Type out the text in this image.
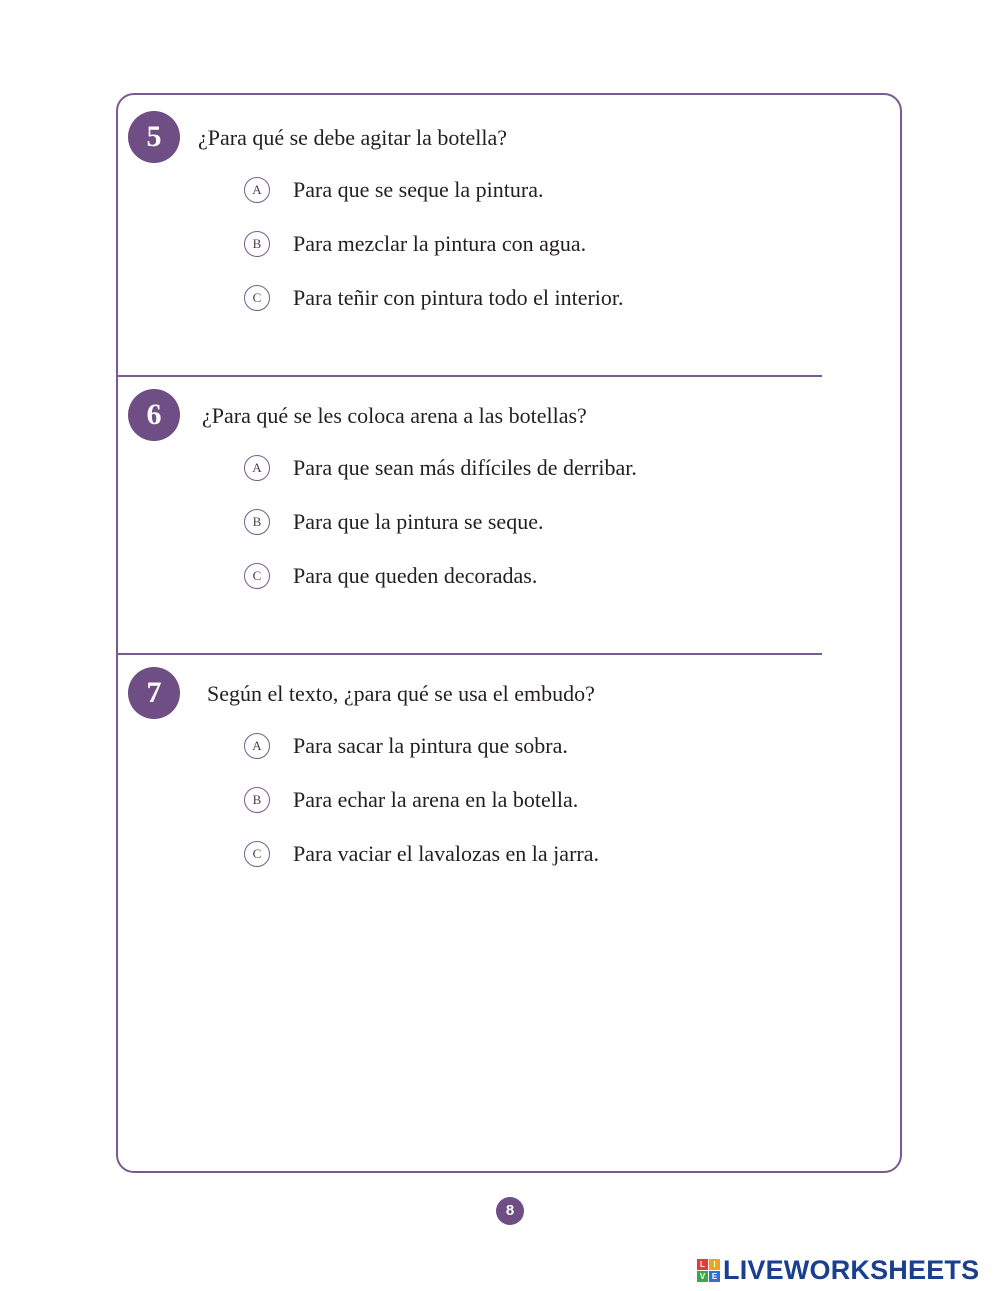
5	¿Para qué se debe agitar la botella?
A	Para que se seque la pintura.
B	Para mezclar la pintura con agua.
C	Para teñir con pintura todo el interior.
6	¿Para qué se les coloca arena a las botellas?
A	Para que sean más difíciles de derribar.
B	Para que la pintura se seque.
C	Para que queden decoradas.
7	Según el texto, ¿para qué se usa el embudo?
A	Para sacar la pintura que sobra.
B	Para echar la arena en la botella.
C	Para vaciar el lavalozas en la jarra.
8
L	I
V E LIVEWORKSHEETS
